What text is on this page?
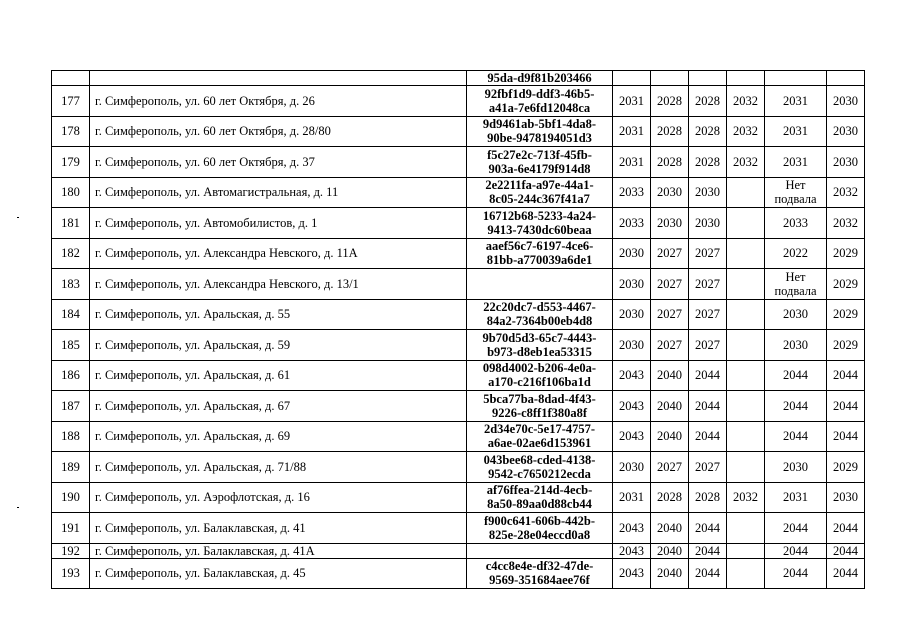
		95da-d9f81b203466						

177	г. Симферополь, ул. 60 лет Октября, д. 26	92fbf1d9-ddf3-46b5-
a41a-7e6fd12048ca	2031	2028	2028	2032	2031	2030
178	г. Симферополь, ул. 60 лет Октября, д. 28/80	9d9461ab-5bf1-4da8-
90be-9478194051d3	2031	2028	2028	2032	2031	2030
179	г. Симферополь, ул. 60 лет Октября, д. 37	f5c27e2c-713f-45fb-
903a-6e4179f914d8	2031	2028	2028	2032	2031	2030
180	г. Симферополь, ул. Автомагистральная, д. 11	2e2211fa-a97e-44a1-
8c05-244c367f41a7	2033	2030	2030		Нет
подвала	2032
181	г. Симферополь, ул. Автомобилистов, д. 1	16712b68-5233-4a24-
9413-7430dc60beaa	2033	2030	2030		2033	2032
182	г. Симферополь, ул. Александра Невского, д. 11А	aaef56c7-6197-4ce6-
81bb-a770039a6de1	2030	2027	2027		2022	2029
183	г. Симферополь, ул. Александра Невского, д. 13/1		2030	2027	2027		Нет
подвала	2029
184	г. Симферополь, ул. Аральская, д. 55	22c20dc7-d553-4467-
84a2-7364b00eb4d8	2030	2027	2027		2030	2029
185	г. Симферополь, ул. Аральская, д. 59	9b70d5d3-65c7-4443-
b973-d8eb1ea53315	2030	2027	2027		2030	2029
186	г. Симферополь, ул. Аральская, д. 61	098d4002-b206-4e0a-
a170-c216f106ba1d	2043	2040	2044		2044	2044
187	г. Симферополь, ул. Аральская, д. 67	5bca77ba-8dad-4f43-
9226-c8ff1f380a8f	2043	2040	2044		2044	2044
188	г. Симферополь, ул. Аральская, д. 69	2d34e70c-5e17-4757-
a6ae-02ae6d153961	2043	2040	2044		2044	2044
189	г. Симферополь, ул. Аральская, д. 71/88	043bee68-cded-4138-
9542-c7650212ecda	2030	2027	2027		2030	2029
190	г. Симферополь, ул. Аэрофлотская, д. 16	af76ffea-214d-4ecb-
8a50-89aa0d88cb44	2031	2028	2028	2032	2031	2030
191	г. Симферополь, ул. Балаклавская, д. 41	f900c641-606b-442b-
825e-28e04eccd0a8	2043	2040	2044		2044	2044
192	г. Симферополь, ул. Балаклавская, д. 41А		2043	2040	2044		2044	2044
193	г. Симферополь, ул. Балаклавская, д. 45	c4cc8e4e-df32-47de-
9569-351684aee76f	2043	2040	2044		2044	2044
